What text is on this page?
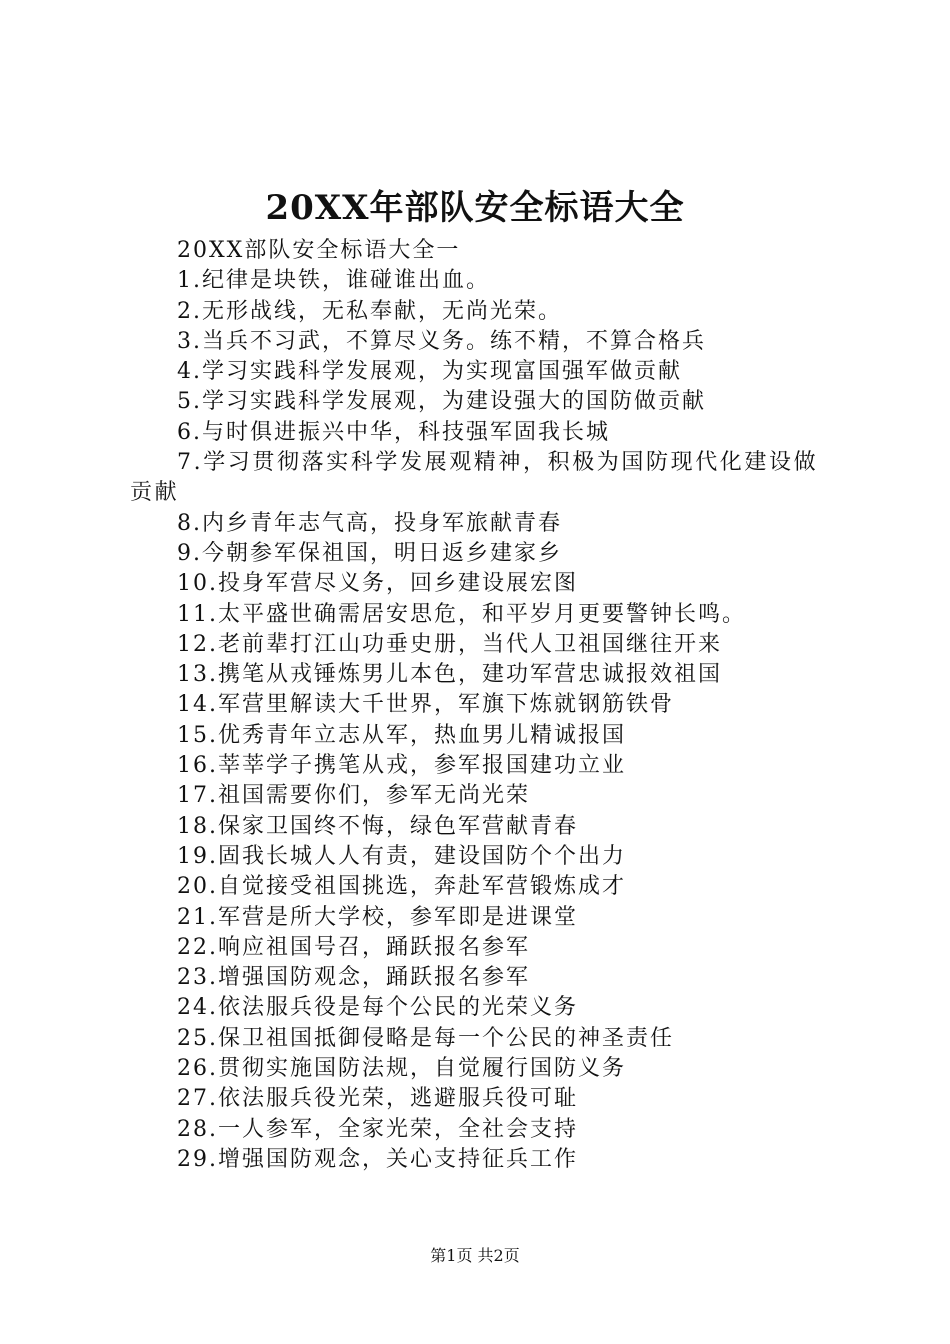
20XX年部队安全标语大全
20XX部队安全标语大全一
1.纪律是块铁，谁碰谁出血。
2.无形战线，无私奉献，无尚光荣。
3.当兵不习武，不算尽义务。练不精，不算合格兵
4.学习实践科学发展观，为实现富国强军做贡献
5.学习实践科学发展观，为建设强大的国防做贡献
6.与时俱进振兴中华，科技强军固我长城
7.学习贯彻落实科学发展观精神，积极为国防现代化建设做贡献
8.内乡青年志气高，投身军旅献青春
9.今朝参军保祖国，明日返乡建家乡
10.投身军营尽义务，回乡建设展宏图
11.太平盛世确需居安思危，和平岁月更要警钟长鸣。
12.老前辈打江山功垂史册，当代人卫祖国继往开来
13.携笔从戎锤炼男儿本色，建功军营忠诚报效祖国
14.军营里解读大千世界，军旗下炼就钢筋铁骨
15.优秀青年立志从军，热血男儿精诚报国
16.莘莘学子携笔从戎，参军报国建功立业
17.祖国需要你们，参军无尚光荣
18.保家卫国终不悔，绿色军营献青春
19.固我长城人人有责，建设国防个个出力
20.自觉接受祖国挑选，奔赴军营锻炼成才
21.军营是所大学校，参军即是进课堂
22.响应祖国号召，踊跃报名参军
23.增强国防观念，踊跃报名参军
24.依法服兵役是每个公民的光荣义务
25.保卫祖国抵御侵略是每一个公民的神圣责任
26.贯彻实施国防法规，自觉履行国防义务
27.依法服兵役光荣，逃避服兵役可耻
28.一人参军，全家光荣，全社会支持
29.增强国防观念，关心支持征兵工作
第1页 共2页
